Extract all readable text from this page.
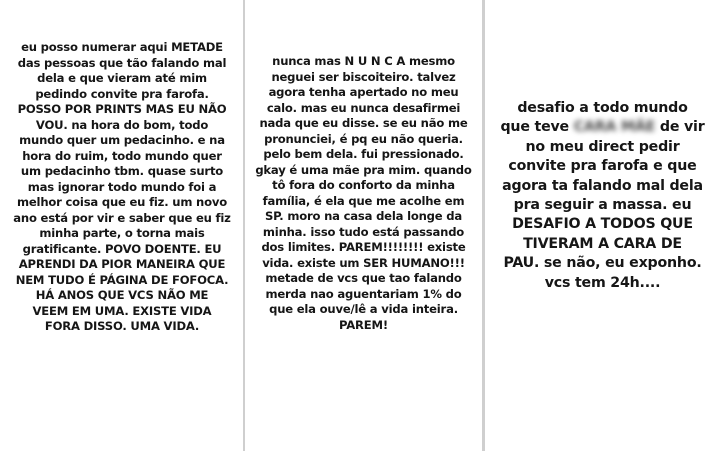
eu posso numerar aqui METADE
das pessoas que tão falando mal
dela e que vieram até mim
pedindo convite pra farofa.
POSSO POR PRINTS MAS EU NÃO
VOU. na hora do bom, todo
mundo quer um pedacinho. e na
hora do ruim, todo mundo quer
um pedacinho tbm. quase surto
mas ignorar todo mundo foi a
melhor coisa que eu fiz. um novo
ano está por vir e saber que eu fiz
minha parte, o torna mais
gratificante. POVO DOENTE. EU
APRENDI DA PIOR MANEIRA QUE
NEM TUDO É PÁGINA DE FOFOCA.
HÁ ANOS QUE VCS NÃO ME
VEEM EM UMA. EXISTE VIDA
FORA DISSO. UMA VIDA.
nunca mas N U N C A mesmo
neguei ser biscoiteiro. talvez
agora tenha apertado no meu
calo. mas eu nunca desafirmei
nada que eu disse. se eu não me
pronunciei, é pq eu não queria.
pelo bem dela. fui pressionado.
gkay é uma mãe pra mim. quando
tô fora do conforto da minha
família, é ela que me acolhe em
SP. moro na casa dela longe da
minha. isso tudo está passando
dos limites. PAREM!!!!!!!! existe
vida. existe um SER HUMANO!!!
metade de vcs que tao falando
merda nao aguentariam 1% do
que ela ouve/lê a vida inteira.
PAREM!
desafio a todo mundo
que teve CARA MÃE de vir
no meu direct pedir
convite pra farofa e que
agora ta falando mal dela
pra seguir a massa. eu
DESAFIO A TODOS QUE
TIVERAM A CARA DE
PAU. se não, eu exponho.
vcs tem 24h....
